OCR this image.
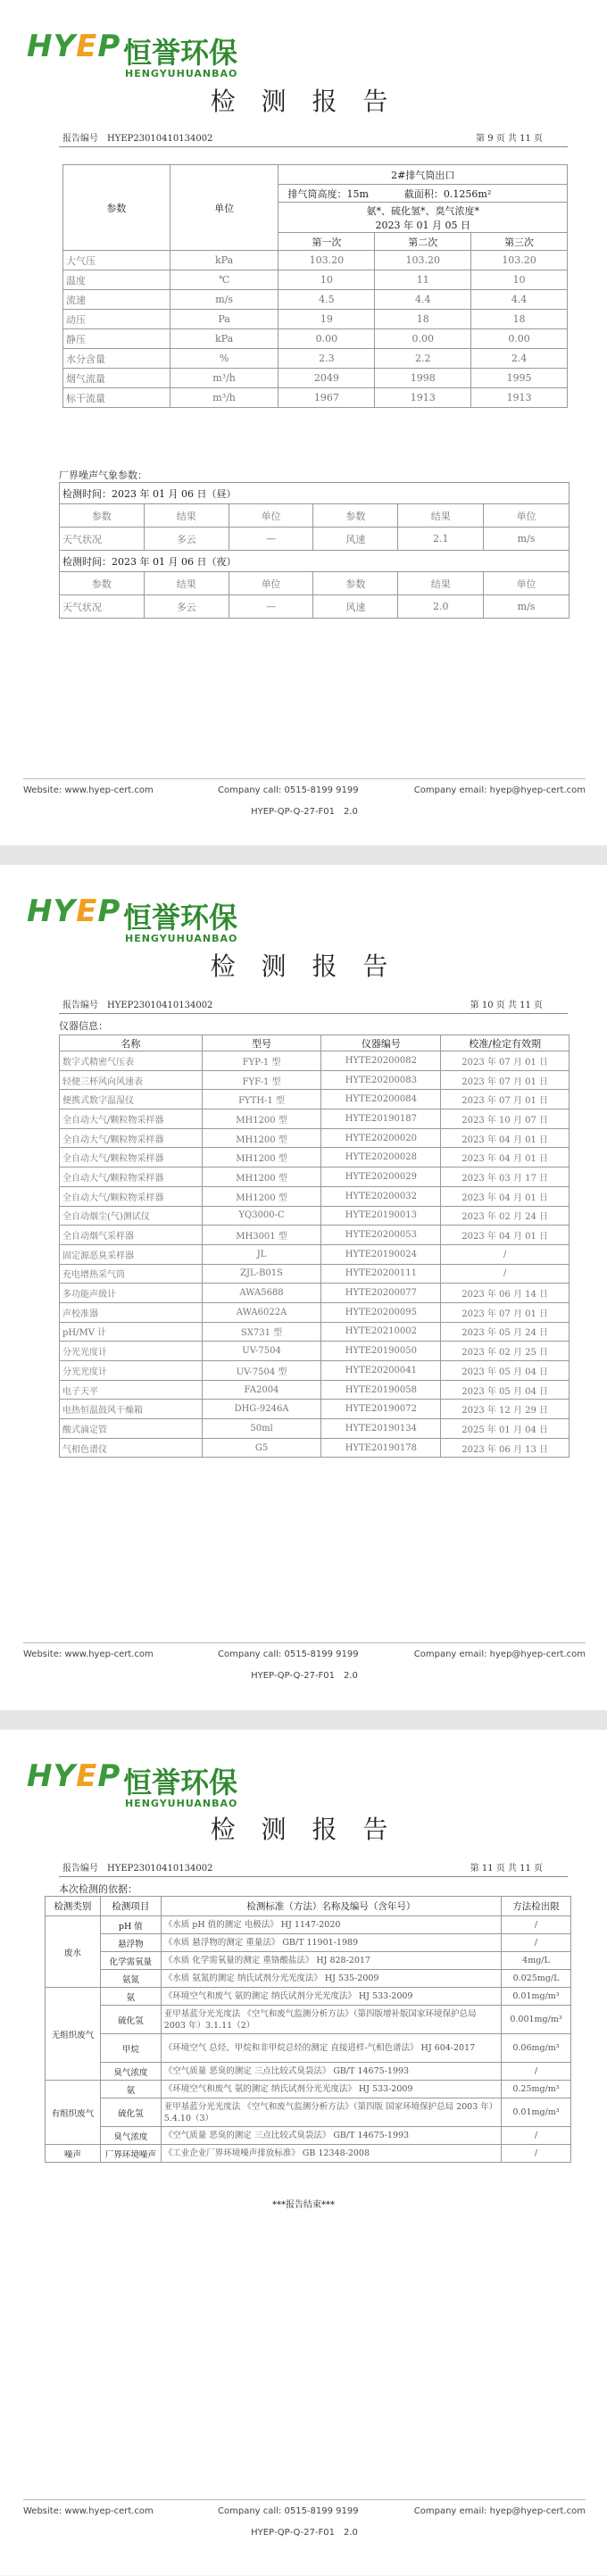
HYEP 恒誉环保
HENGYUHUANBAO
检 测 报 告
报告编号　HYEP23010410134002	第 9 页 共 11 页
参数	单位	2#排气筒出口		
		排气筒高度：15m 截面积：0.1256m²		

		氨*、硫化氢*、臭气浓度*
2023 年 01 月 05 日		

		第一次	第二次	第三次
大气压	kPa	103.20	103.20	103.20
温度	℃	10	11	10
流速	m/s	4.5	4.4	4.4
动压	Pa	19	18	18
静压	kPa	0.00	0.00	0.00
水分含量	%	2.3	2.2	2.4
烟气流量	m³/h	2049	1998	1995
标干流量	m³/h	1967	1913	1913
厂界噪声气象参数：
检测时间：2023 年 01 月 06 日（昼）					
参数	结果	单位	参数	结果	单位
天气状况	多云	—	风速	2.1	m/s
检测时间：2023 年 01 月 06 日（夜）					
参数	结果	单位	参数	结果	单位
天气状况	多云	—	风速	2.0	m/s
Website: www.hyep-cert.com	Company call: 0515-8199 9199	Company email: hyep@hyep-cert.com
HYEP-QP-Q-27-F01　2.0
HYEP 恒誉环保
HENGYUHUANBAO
检 测 报 告
报告编号　HYEP23010410134002	第 10 页 共 11 页
仪器信息：
名称	型号	仪器编号	校准/检定有效期
数字式精密气压表	FYP-1 型	HYTE20200082	2023 年 07 月 01 日
轻便三杯风向风速表	FYF-1 型	HYTE20200083	2023 年 07 月 01 日
便携式数字温湿仪	FYTH-1 型	HYTE20200084	2023 年 07 月 01 日
全自动大气/颗粒物采样器	MH1200 型	HYTE20190187	2023 年 10 月 07 日
全自动大气/颗粒物采样器	MH1200 型	HYTE20200020	2023 年 04 月 01 日
全自动大气/颗粒物采样器	MH1200 型	HYTE20200028	2023 年 04 月 01 日
全自动大气/颗粒物采样器	MH1200 型	HYTE20200029	2023 年 03 月 17 日
全自动大气/颗粒物采样器	MH1200 型	HYTE20200032	2023 年 04 月 01 日
全自动烟尘(气)测试仪	YQ3000-C	HYTE20190013	2023 年 02 月 24 日
全自动烟气采样器	MH3001 型	HYTE20200053	2023 年 04 月 01 日
固定源恶臭采样器	JL	HYTE20190024	/
充电增热采气筒	ZJL-B01S	HYTE20200111	/
多功能声级计	AWA5688	HYTE20200077	2023 年 06 月 14 日
声校准器	AWA6022A	HYTE20200095	2023 年 07 月 01 日
pH/MV 计	SX731 型	HYTE20210002	2023 年 05 月 24 日
分光光度计	UV-7504	HYTE20190050	2023 年 02 月 25 日
分光光度计	UV-7504 型	HYTE20200041	2023 年 05 月 04 日
电子天平	FA2004	HYTE20190058	2023 年 05 月 04 日
电热恒温鼓风干燥箱	DHG-9246A	HYTE20190072	2023 年 12 月 29 日
酸式滴定管	50ml	HYTE20190134	2025 年 01 月 04 日
气相色谱仪	G5	HYTE20190178	2023 年 06 月 13 日
Website: www.hyep-cert.com	Company call: 0515-8199 9199	Company email: hyep@hyep-cert.com
HYEP-QP-Q-27-F01　2.0
HYEP 恒誉环保
HENGYUHUANBAO
检 测 报 告
报告编号　HYEP23010410134002	第 11 页 共 11 页
本次检测的依据：
检测类别	检测项目	检测标准（方法）名称及编号（含年号）	方法检出限
废水	pH 值	《水质 pH 值的测定 电极法》 HJ 1147-2020	/
	悬浮物	《水质 悬浮物的测定 重量法》 GB/T 11901-1989	/
	化学需氧量	《水质 化学需氧量的测定 重铬酸盐法》 HJ 828-2017	4mg/L
	氨氮	《水质 氨氮的测定 纳氏试剂分光光度法》 HJ 535-2009	0.025mg/L
无组织废气	氨	《环境空气和废气 氨的测定 纳氏试剂分光光度法》 HJ 533-2009	0.01mg/m³
	硫化氢	亚甲基蓝分光光度法 《空气和废气监测分析方法》（第四版增补版国家环境保护总局 2003 年）3.1.11（2）	0.001mg/m³
	甲烷	《环境空气 总烃、甲烷和非甲烷总烃的测定 直接进样-气相色谱法》 HJ 604-2017	0.06mg/m³
	臭气浓度	《空气质量 恶臭的测定 三点比较式臭袋法》 GB/T 14675-1993	/
有组织废气	氨	《环境空气和废气 氨的测定 纳氏试剂分光光度法》 HJ 533-2009	0.25mg/m³
	硫化氢	亚甲基蓝分光光度法 《空气和废气监测分析方法》（第四版 国家环境保护总局 2003 年）5.4.10（3）	0.01mg/m³
	臭气浓度	《空气质量 恶臭的测定 三点比较式臭袋法》 GB/T 14675-1993	/
噪声	厂界环境噪声	《工业企业厂界环境噪声排放标准》 GB 12348-2008	/
***报告结束***
Website: www.hyep-cert.com	Company call: 0515-8199 9199	Company email: hyep@hyep-cert.com
HYEP-QP-Q-27-F01　2.0
